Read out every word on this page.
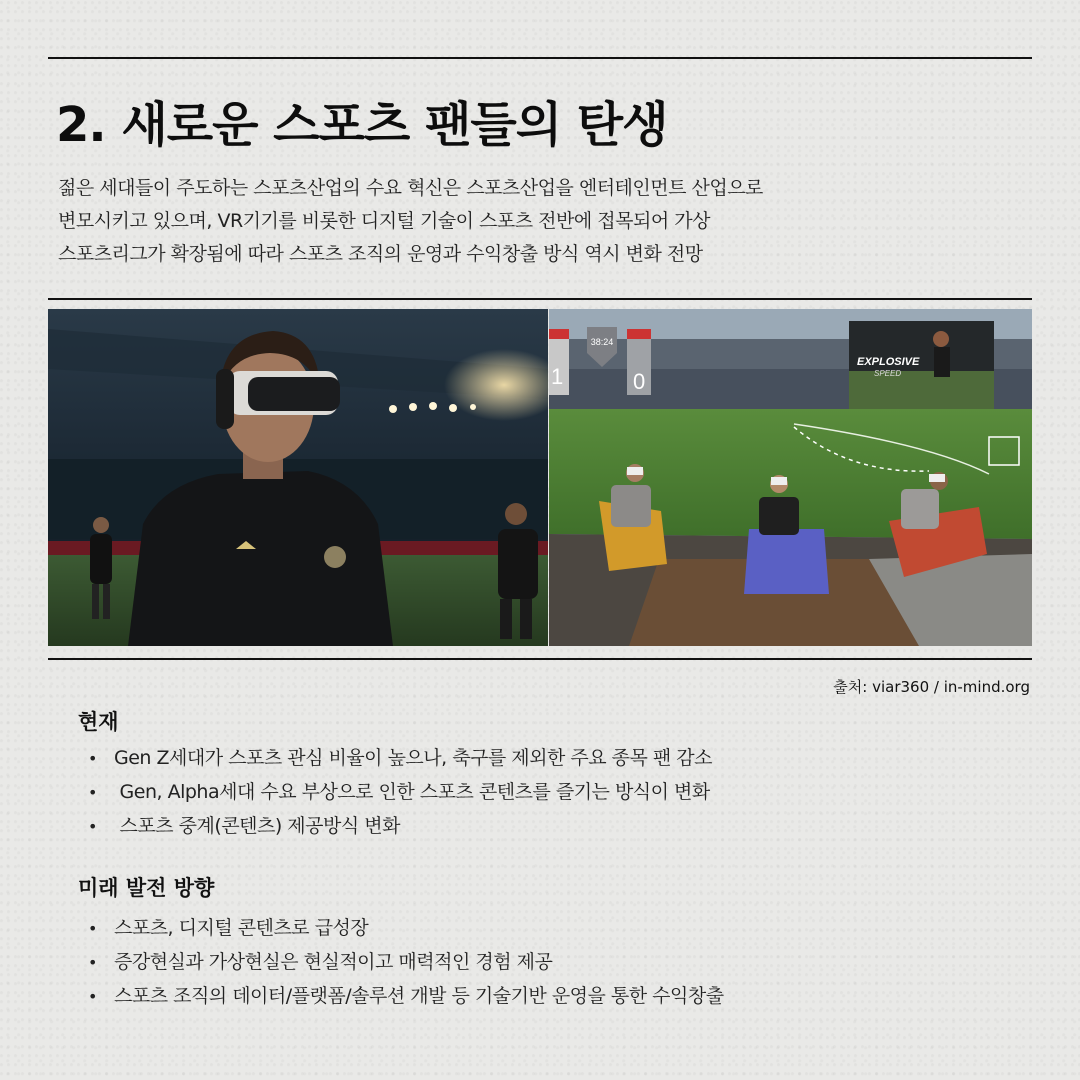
2. 새로운 스포츠 팬들의 탄생
젊은 세대들이 주도하는 스포츠산업의 수요 혁신은 스포츠산업을 엔터테인먼트 산업으로
변모시키고 있으며, VR기기를 비롯한 디지털 기술이 스포츠 전반에 접목되어 가상
스포츠리그가 확장됨에 따라 스포츠 조직의 운영과 수익창출 방식 역시 변화 전망
38:24
1	0
EXPLOSIVE
SPEED
출처: viar360 / in-mind.org
현재
• Gen Z세대가 스포츠 관심 비율이 높으나, 축구를 제외한 주요 종목 팬 감소
• Gen, Alpha세대 수요 부상으로 인한 스포츠 콘텐츠를 즐기는 방식이 변화
• 스포츠 중계(콘텐츠) 제공방식 변화
미래 발전 방향
• 스포츠, 디지털 콘텐츠로 급성장
• 증강현실과 가상현실은 현실적이고 매력적인 경험 제공
• 스포츠 조직의 데이터/플랫폼/솔루션 개발 등 기술기반 운영을 통한 수익창출
